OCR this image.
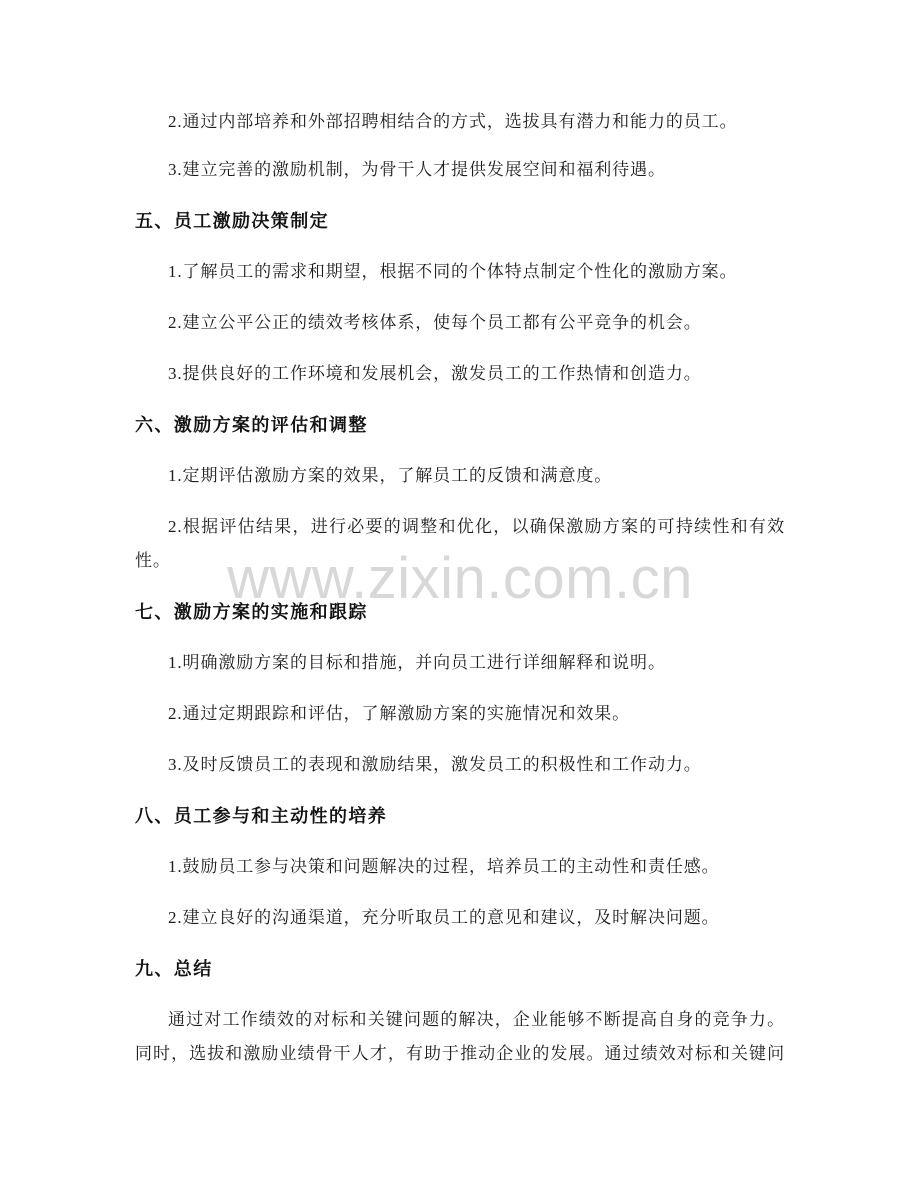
www.zixin.com.cn
2.通过内部培养和外部招聘相结合的方式，选拔具有潜力和能力的员工。
3.建立完善的激励机制，为骨干人才提供发展空间和福利待遇。
五、员工激励决策制定
1.了解员工的需求和期望，根据不同的个体特点制定个性化的激励方案。
2.建立公平公正的绩效考核体系，使每个员工都有公平竞争的机会。
3.提供良好的工作环境和发展机会，激发员工的工作热情和创造力。
六、激励方案的评估和调整
1.定期评估激励方案的效果，了解员工的反馈和满意度。
2.根据评估结果，进行必要的调整和优化，以确保激励方案的可持续性和有效
性。
七、激励方案的实施和跟踪
1.明确激励方案的目标和措施，并向员工进行详细解释和说明。
2.通过定期跟踪和评估，了解激励方案的实施情况和效果。
3.及时反馈员工的表现和激励结果，激发员工的积极性和工作动力。
八、员工参与和主动性的培养
1.鼓励员工参与决策和问题解决的过程，培养员工的主动性和责任感。
2.建立良好的沟通渠道，充分听取员工的意见和建议，及时解决问题。
九、总结
通过对工作绩效的对标和关键问题的解决，企业能够不断提高自身的竞争力。
同时，选拔和激励业绩骨干人才，有助于推动企业的发展。通过绩效对标和关键问
